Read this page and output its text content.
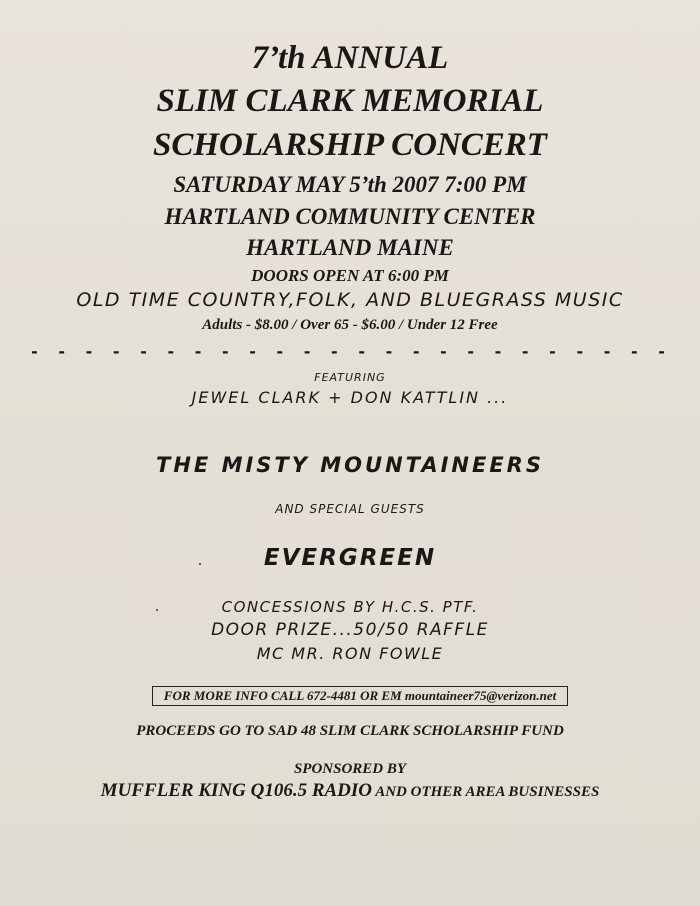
7’th ANNUAL
SLIM CLARK MEMORIAL
SCHOLARSHIP CONCERT
SATURDAY MAY 5’th 2007 7:00 PM
HARTLAND COMMUNITY CENTER
HARTLAND MAINE
DOORS OPEN AT 6:00 PM
OLD TIME COUNTRY,FOLK, AND BLUEGRASS MUSIC
Adults - $8.00 / Over 65 - $6.00 / Under 12 Free
- - - - - - - - - - - - - - - - - - - - - - - -
FEATURING
JEWEL CLARK + DON KATTLIN ...
THE MISTY MOUNTAINEERS
AND SPECIAL GUESTS
EVERGREEN
CONCESSIONS BY H.C.S. PTF.
DOOR PRIZE...50/50 RAFFLE
MC MR. RON FOWLE
FOR MORE INFO CALL 672-4481 OR EM mountaineer75@verizon.net
PROCEEDS GO TO SAD 48 SLIM CLARK SCHOLARSHIP FUND
SPONSORED BY
MUFFLER KING Q106.5 RADIO AND OTHER AREA BUSINESSES
